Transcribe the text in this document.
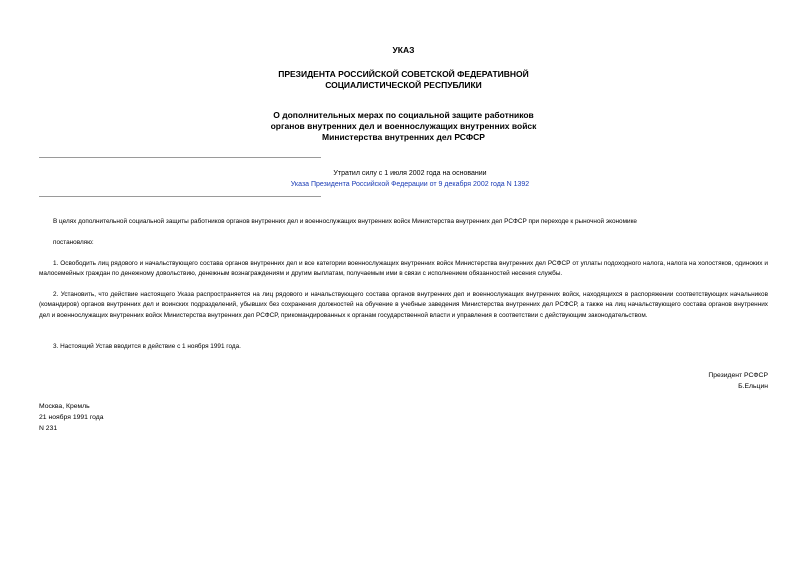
УКАЗ
ПРЕЗИДЕНТА РОССИЙСКОЙ СОВЕТСКОЙ ФЕДЕРАТИВНОЙ
СОЦИАЛИСТИЧЕСКОЙ РЕСПУБЛИКИ
О дополнительных мерах по социальной защите работников
органов внутренних дел и военнослужащих внутренних войск
Министерства внутренних дел РСФСР
Утратил силу с 1 июля 2002 года на основании
Указа Президента Российской Федерации от 9 декабря 2002 года N 1392
В целях дополнительной социальной защиты работников органов внутренних дел и военнослужащих внутренних войск Министерства внутренних дел РСФСР при переходе к рыночной экономике
постановляю:
1. Освободить лиц рядового и начальствующего состава органов внутренних дел и все категории военнослужащих внутренних войск Министерства внутренних дел РСФСР от уплаты подоходного налога, налога на холостяков, одиноких и малосемейных граждан по денежному довольствию, денежным вознаграждениям и другим выплатам, получаемым ими в связи с исполнением обязанностей несения службы.
2. Установить, что действие настоящего Указа распространяется на лиц рядового и начальствующего состава органов внутренних дел и военнослужащих внутренних войск, находящихся в распоряжении соответствующих начальников (командиров) органов внутренних дел и воинских подразделений, убывших без сохранения должностей на обучение в учебные заведения Министерства внутренних дел РСФСР, а также на лиц начальствующего состава органов внутренних дел и военнослужащих внутренних войск Министерства внутренних дел РСФСР, прикомандированных к органам государственной власти и управления в соответствии с действующим законодательством.
3. Настоящий Устав вводится в действие с 1 ноября 1991 года.
Президент РСФСР
Б.Ельцин
Москва, Кремль
21 ноября 1991 года
N 231
